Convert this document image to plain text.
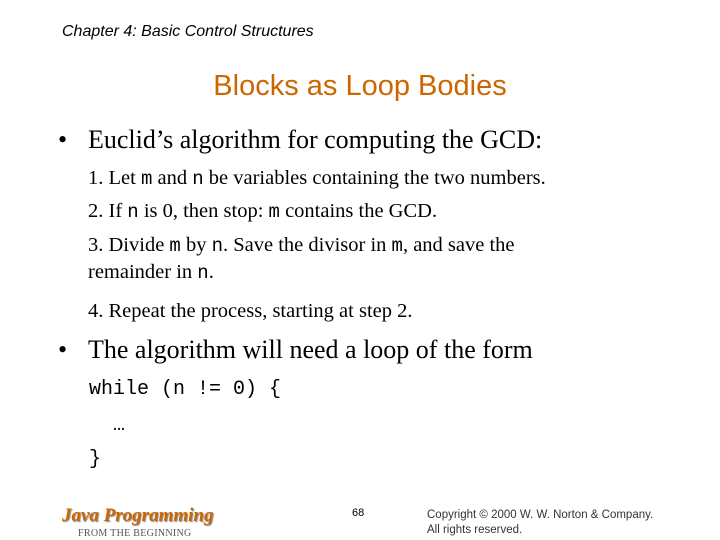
Chapter 4: Basic Control Structures
Blocks as Loop Bodies
• Euclid’s algorithm for computing the GCD:
1. Let m and n be variables containing the two numbers.
2. If n is 0, then stop: m contains the GCD.
3. Divide m by n. Save the divisor in m, and save the
remainder in n.
4. Repeat the process, starting at step 2.
• The algorithm will need a loop of the form
while (n != 0) {
…
}
Java Programming
FROM THE BEGINNING
68	Copyright © 2000 W. W. Norton & Company.
All rights reserved.
